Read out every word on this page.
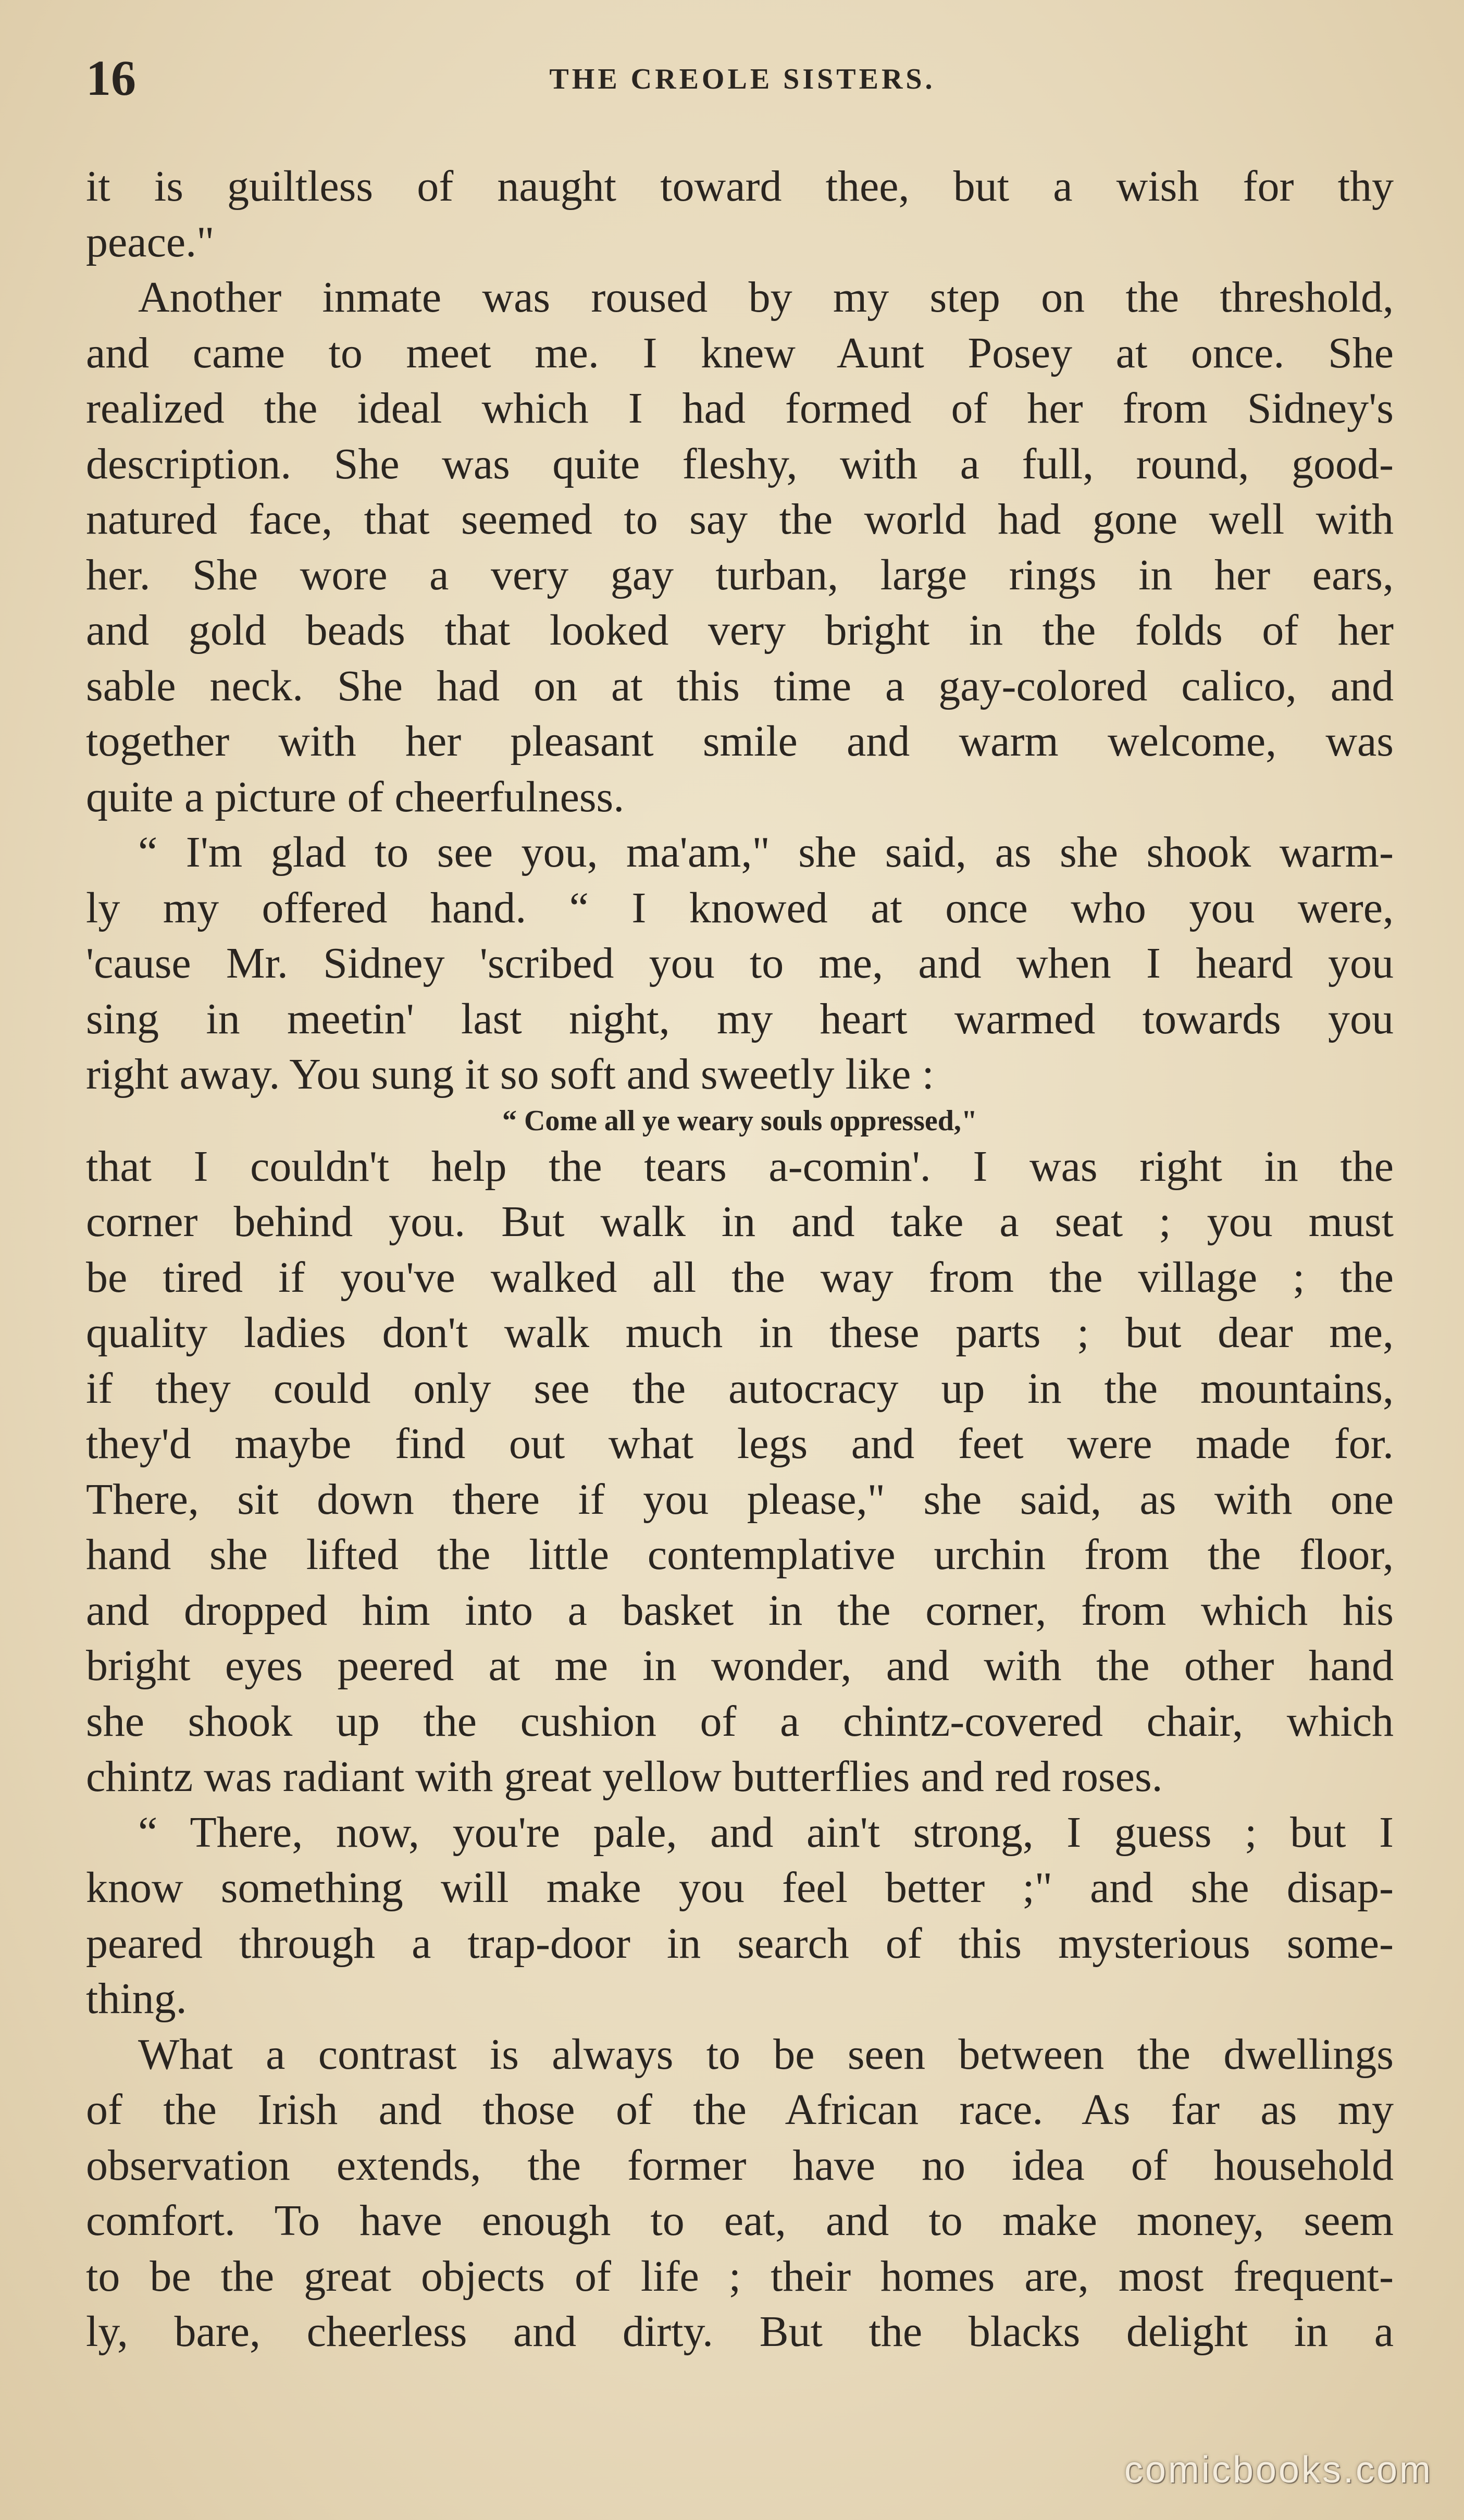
16	THE CREOLE SISTERS.
it is guiltless of naught toward thee, but a wish for thy
peace."
Another inmate was roused by my step on the threshold,
and came to meet me. I knew Aunt Posey at once. She
realized the ideal which I had formed of her from Sidney's
description. She was quite fleshy, with a full, round, good-
natured face, that seemed to say the world had gone well with
her. She wore a very gay turban, large rings in her ears,
and gold beads that looked very bright in the folds of her
sable neck. She had on at this time a gay-colored calico, and
together with her pleasant smile and warm welcome, was
quite a picture of cheerfulness.
“ I'm glad to see you, ma'am," she said, as she shook warm-
ly my offered hand. “ I knowed at once who you were,
'cause Mr. Sidney 'scribed you to me, and when I heard you
sing in meetin' last night, my heart warmed towards you
right away. You sung it so soft and sweetly like :
“ Come all ye weary souls oppressed,"
that I couldn't help the tears a-comin'. I was right in the
corner behind you. But walk in and take a seat ; you must
be tired if you've walked all the way from the village ; the
quality ladies don't walk much in these parts ; but dear me,
if they could only see the autocracy up in the mountains,
they'd maybe find out what legs and feet were made for.
There, sit down there if you please," she said, as with one
hand she lifted the little contemplative urchin from the floor,
and dropped him into a basket in the corner, from which his
bright eyes peered at me in wonder, and with the other hand
she shook up the cushion of a chintz-covered chair, which
chintz was radiant with great yellow butterflies and red roses.
“ There, now, you're pale, and ain't strong, I guess ; but I
know something will make you feel better ;" and she disap-
peared through a trap-door in search of this mysterious some-
thing.
What a contrast is always to be seen between the dwellings
of the Irish and those of the African race. As far as my
observation extends, the former have no idea of household
comfort. To have enough to eat, and to make money, seem
to be the great objects of life ; their homes are, most frequent-
ly, bare, cheerless and dirty. But the blacks delight in a
comicbooks.com
